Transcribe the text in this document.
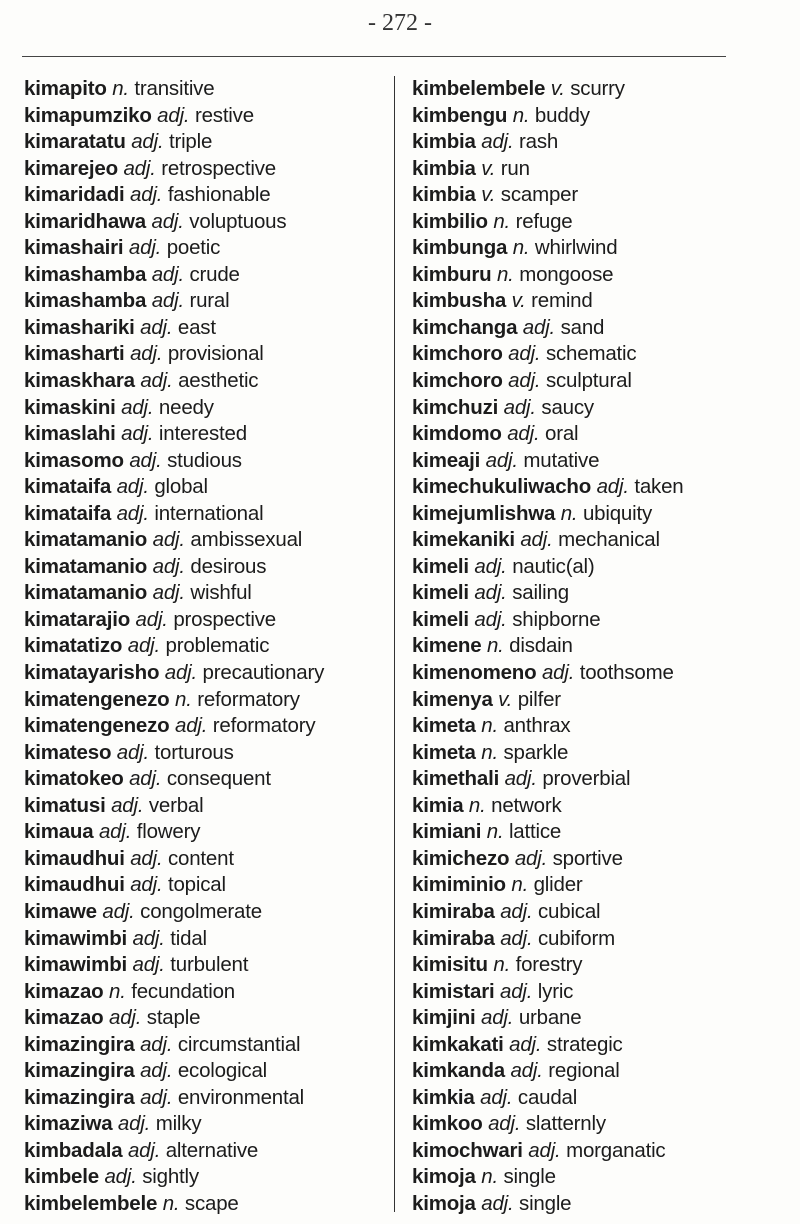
- 272 -
kimapito n. transitive
kimapumziko adj. restive
kimaratatu adj. triple
kimarejeo adj. retrospective
kimaridadi adj. fashionable
kimaridhawa adj. voluptuous
kimashairi adj. poetic
kimashamba adj. crude
kimashamba adj. rural
kimashariki adj. east
kimasharti adj. provisional
kimaskhara adj. aesthetic
kimaskini adj. needy
kimaslahi adj. interested
kimasomo adj. studious
kimataifa adj. global
kimataifa adj. international
kimatamanio adj. ambissexual
kimatamanio adj. desirous
kimatamanio adj. wishful
kimatarajio adj. prospective
kimatatizo adj. problematic
kimatayarisho adj. precautionary
kimatengenezo n. reformatory
kimatengenezo adj. reformatory
kimateso adj. torturous
kimatokeo adj. consequent
kimatusi adj. verbal
kimaua adj. flowery
kimaudhui adj. content
kimaudhui adj. topical
kimawe adj. congolmerate
kimawimbi adj. tidal
kimawimbi adj. turbulent
kimazao n. fecundation
kimazao adj. staple
kimazingira adj. circumstantial
kimazingira adj. ecological
kimazingira adj. environmental
kimaziwa adj. milky
kimbadala adj. alternative
kimbele adj. sightly
kimbelembele n. scape
kimbelembele v. scurry
kimbengu n. buddy
kimbia adj. rash
kimbia v. run
kimbia v. scamper
kimbilio n. refuge
kimbunga n. whirlwind
kimburu n. mongoose
kimbusha v. remind
kimchanga adj. sand
kimchoro adj. schematic
kimchoro adj. sculptural
kimchuzi adj. saucy
kimdomo adj. oral
kimeaji adj. mutative
kimechukuliwacho adj. taken
kimejumlishwa n. ubiquity
kimekaniki adj. mechanical
kimeli adj. nautic(al)
kimeli adj. sailing
kimeli adj. shipborne
kimene n. disdain
kimenomeno adj. toothsome
kimenya v. pilfer
kimeta n. anthrax
kimeta n. sparkle
kimethali adj. proverbial
kimia n. network
kimiani n. lattice
kimichezo adj. sportive
kimiminio n. glider
kimiraba adj. cubical
kimiraba adj. cubiform
kimisitu n. forestry
kimistari adj. lyric
kimjini adj. urbane
kimkakati adj. strategic
kimkanda adj. regional
kimkia adj. caudal
kimkoo adj. slatternly
kimochwari adj. morganatic
kimoja n. single
kimoja adj. single
